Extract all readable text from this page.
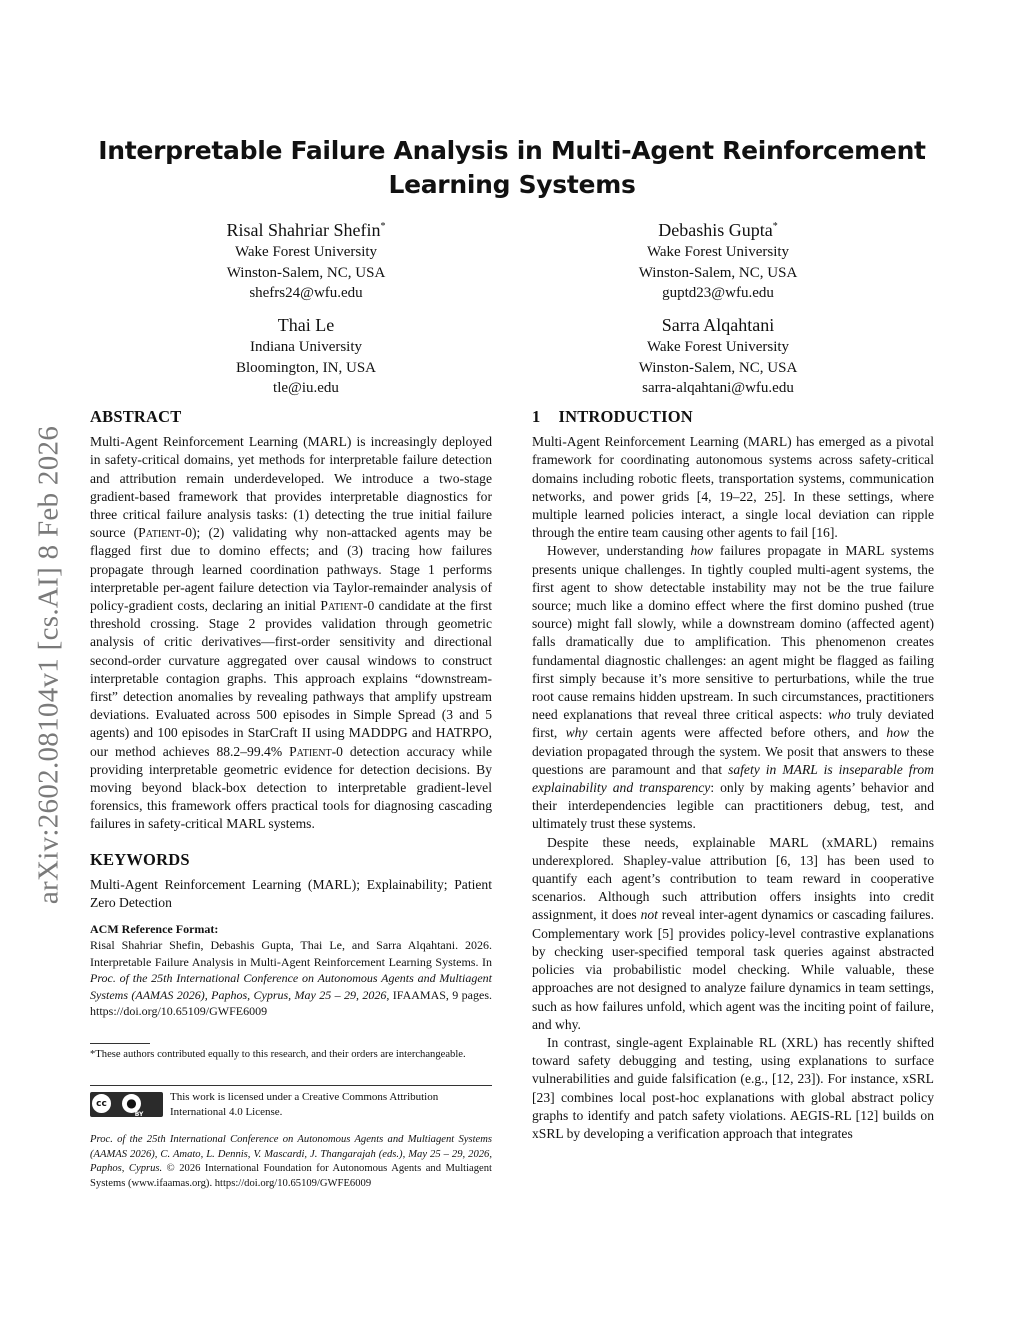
arXiv:2602.08104v1 [cs.AI] 8 Feb 2026
Interpretable Failure Analysis in Multi-Agent Reinforcement Learning Systems
Risal Shahriar Shefin*
Wake Forest University
Winston-Salem, NC, USA
shefrs24@wfu.edu
Debashis Gupta*
Wake Forest University
Winston-Salem, NC, USA
guptd23@wfu.edu
Thai Le
Indiana University
Bloomington, IN, USA
tle@iu.edu
Sarra Alqahtani
Wake Forest University
Winston-Salem, NC, USA
sarra-alqahtani@wfu.edu
ABSTRACT

Multi-Agent Reinforcement Learning (MARL) is increasingly deployed in safety-critical domains, yet methods for interpretable failure detection and attribution remain underdeveloped. We introduce a two-stage gradient-based framework that provides interpretable diagnostics for three critical failure analysis tasks: (1) detecting the true initial failure source (Patient-0); (2) validating why non-attacked agents may be flagged first due to domino effects; and (3) tracing how failures propagate through learned coordination pathways. Stage 1 performs interpretable per-agent failure detection via Taylor-remainder analysis of policy-gradient costs, declaring an initial Patient-0 candidate at the first threshold crossing. Stage 2 provides validation through geometric analysis of critic derivatives—first-order sensitivity and directional second-order curvature aggregated over causal windows to construct interpretable contagion graphs. This approach explains “downstream-first” detection anomalies by revealing pathways that amplify upstream deviations. Evaluated across 500 episodes in Simple Spread (3 and 5 agents) and 100 episodes in StarCraft II using MADDPG and HATRPO, our method achieves 88.2–99.4% Patient-0 detection accuracy while providing interpretable geometric evidence for detection decisions. By moving beyond black-box detection to interpretable gradient-level forensics, this framework offers practical tools for diagnosing cascading failures in safety-critical MARL systems.

KEYWORDS

Multi-Agent Reinforcement Learning (MARL); Explainability; Patient Zero Detection

ACM Reference Format:

Risal Shahriar Shefin, Debashis Gupta, Thai Le, and Sarra Alqahtani. 2026. Interpretable Failure Analysis in Multi-Agent Reinforcement Learning Systems. In Proc. of the 25th International Conference on Autonomous Agents and Multiagent Systems (AAMAS 2026), Paphos, Cyprus, May 25 – 29, 2026, IFAAMAS, 9 pages. https://doi.org/10.65109/GWFE6009

*These authors contributed equally to this research, and their orders are interchangeable.
cc	●
BY
This work is licensed under a Creative Commons Attribution International 4.0 License.
Proc. of the 25th International Conference on Autonomous Agents and Multiagent Systems (AAMAS 2026), C. Amato, L. Dennis, V. Mascardi, J. Thangarajah (eds.), May 25 – 29, 2026, Paphos, Cyprus. © 2026 International Foundation for Autonomous Agents and Multiagent Systems (www.ifaamas.org). https://doi.org/10.65109/GWFE6009
1 INTRODUCTION

Multi-Agent Reinforcement Learning (MARL) has emerged as a pivotal framework for coordinating autonomous systems across safety-critical domains including robotic fleets, transportation systems, communication networks, and power grids [4, 19–22, 25]. In these settings, where multiple learned policies interact, a single local deviation can ripple through the entire team causing other agents to fail [16].

However, understanding how failures propagate in MARL systems presents unique challenges. In tightly coupled multi-agent systems, the first agent to show detectable instability may not be the true failure source; much like a domino effect where the first domino pushed (true source) might fall slowly, while a downstream domino (affected agent) falls dramatically due to amplification. This phenomenon creates fundamental diagnostic challenges: an agent might be flagged as failing first simply because it’s more sensitive to perturbations, while the true root cause remains hidden upstream. In such circumstances, practitioners need explanations that reveal three critical aspects: who truly deviated first, why certain agents were affected before others, and how the deviation propagated through the system. We posit that answers to these questions are paramount and that safety in MARL is inseparable from explainability and transparency: only by making agents’ behavior and their interdependencies legible can practitioners debug, test, and ultimately trust these systems.

Despite these needs, explainable MARL (xMARL) remains underexplored. Shapley-value attribution [6, 13] has been used to quantify each agent’s contribution to team reward in cooperative scenarios. Although such attribution offers insights into credit assignment, it does not reveal inter-agent dynamics or cascading failures. Complementary work [5] provides policy-level contrastive explanations by checking user-specified temporal task queries against abstracted policies via probabilistic model checking. While valuable, these approaches are not designed to analyze failure dynamics in team settings, such as how failures unfold, which agent was the inciting point of failure, and why.

In contrast, single-agent Explainable RL (XRL) has recently shifted toward safety debugging and testing, using explanations to surface vulnerabilities and guide falsification (e.g., [12, 23]). For instance, xSRL [23] combines local post-hoc explanations with global abstract policy graphs to identify and patch safety violations. AEGIS-RL [12] builds on xSRL by developing a verification approach that integrates
